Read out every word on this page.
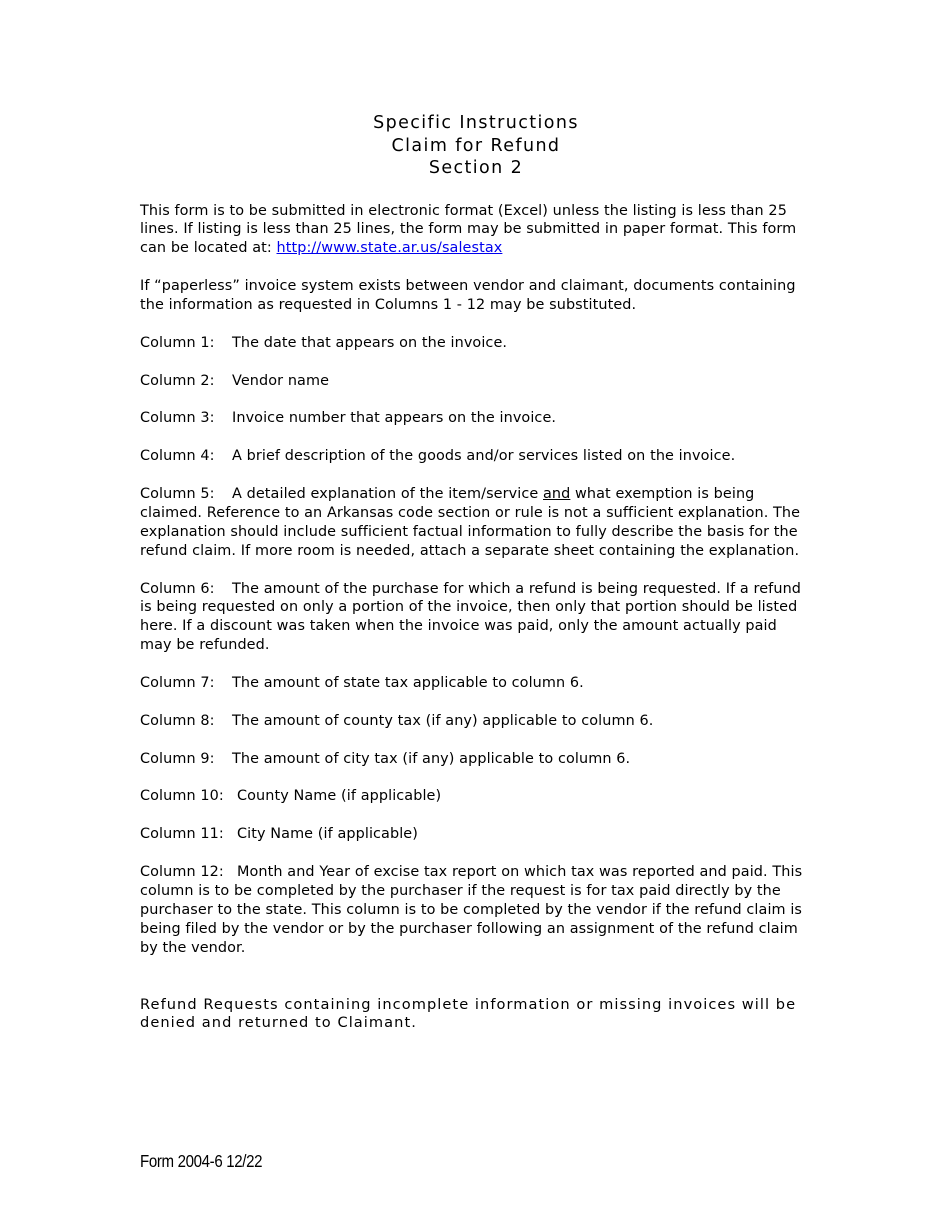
Specific Instructions
Claim for Refund
Section 2

This form is to be submitted in electronic format (Excel) unless the listing is less than 25 lines. If listing is less than 25 lines, the form may be submitted in paper format. This form can be located at: http://www.state.ar.us/salestax

If “paperless” invoice system exists between vendor and claimant, documents containing the information as requested in Columns 1 - 12 may be substituted.

Column 1: The date that appears on the invoice.

Column 2: Vendor name

Column 3: Invoice number that appears on the invoice.

Column 4: A brief description of the goods and/or services listed on the invoice.

Column 5: A detailed explanation of the item/service and what exemption is being claimed. Reference to an Arkansas code section or rule is not a sufficient explanation. The explanation should include sufficient factual information to fully describe the basis for the refund claim. If more room is needed, attach a separate sheet containing the explanation.

Column 6: The amount of the purchase for which a refund is being requested. If a refund is being requested on only a portion of the invoice, then only that portion should be listed here. If a discount was taken when the invoice was paid, only the amount actually paid may be refunded.

Column 7: The amount of state tax applicable to column 6.

Column 8: The amount of county tax (if any) applicable to column 6.

Column 9: The amount of city tax (if any) applicable to column 6.

Column 10: County Name (if applicable)

Column 11: City Name (if applicable)

Column 12: Month and Year of excise tax report on which tax was reported and paid. This column is to be completed by the purchaser if the request is for tax paid directly by the purchaser to the state. This column is to be completed by the vendor if the refund claim is being filed by the vendor or by the purchaser following an assignment of the refund claim by the vendor.

Refund Requests containing incomplete information or missing invoices will be denied and returned to Claimant.

Form 2004-6 12/22
